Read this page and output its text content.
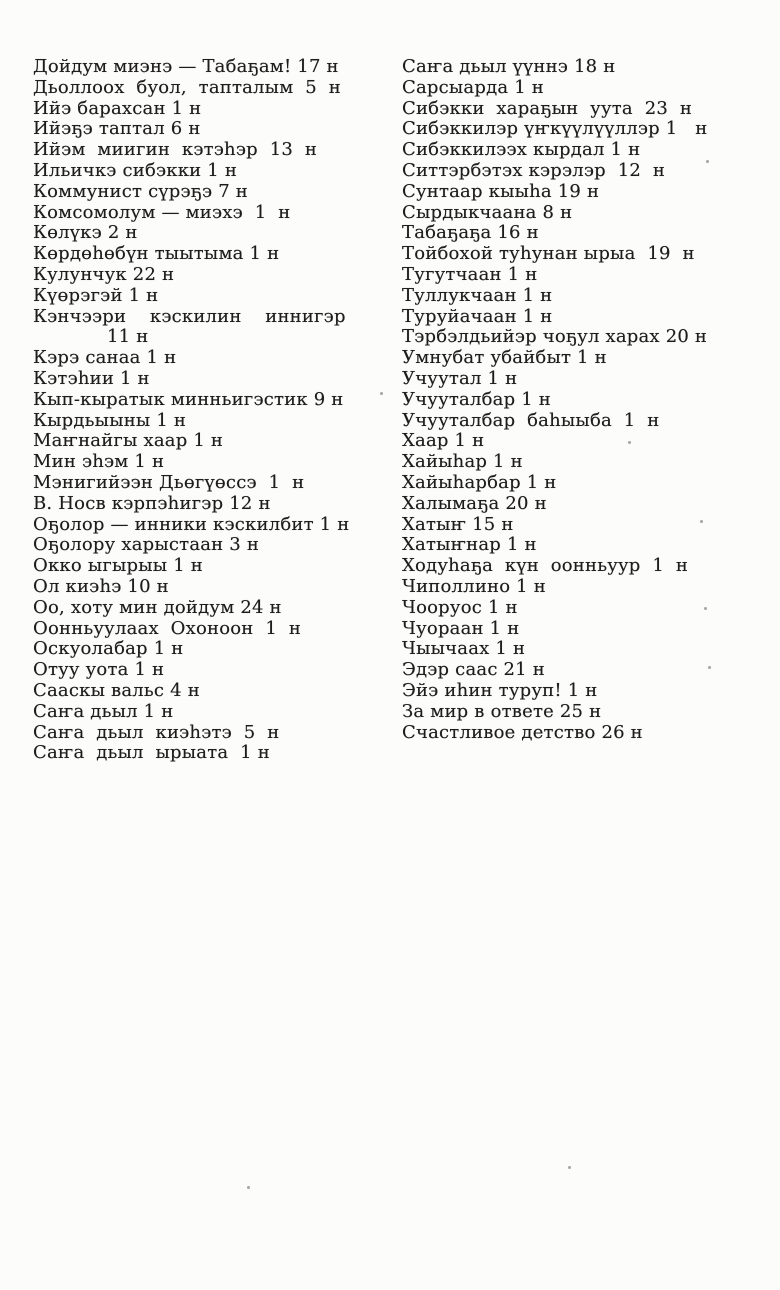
Дойдум миэнэ — Табаҕам! 17 н
Дьоллоох  буол,  тапталым  5  н
Ийэ барахсан 1 н
Ийэҕэ таптал 6 н
Ийэм  миигин  кэтэһэр  13  н
Ильичкэ сибэкки 1 н
Коммунист сүрэҕэ 7 н
Комсомолум — миэхэ  1  н
Көлүкэ 2 н
Көрдөһөбүн тыытыма 1 н
Кулунчук 22 н
Күөрэгэй 1 н
Кэнчээри    кэскилин    иннигэр
11 н
Кэрэ санаа 1 н
Кэтэһии 1 н
Кып-кыратык минньигэстик 9 н
Кырдьыыны 1 н
Маҥнайгы хаар 1 н
Мин эһэм 1 н
Мэнигийээн Дьөгүөссэ  1  н
В. Носв кэрпэһигэр 12 н
Оҕолор — инники кэскилбит 1 н
Оҕолору харыстаан 3 н
Окко ыгырыы 1 н
Ол киэһэ 10 н
Оо, хоту мин дойдум 24 н
Оонньуулаах  Охоноон  1  н
Оскуолабар 1 н
Отуу уота 1 н
Сааскы вальс 4 н
Саҥа дьыл 1 н
Саҥа  дьыл  киэһэтэ  5  н
Саҥа  дьыл  ырыата  1 н
Саҥа дьыл үүннэ 18 н
Сарсыарда 1 н
Сибэкки  хараҕын  уута  23  н
Сибэккилэр үҥкүүлүүллэр 1   н
Сибэккилээх кырдал 1 н
Ситтэрбэтэх кэрэлэр  12  н
Сунтаар кыыһа 19 н
Сырдыкчаана 8 н
Табаҕаҕа 16 н
Тойбохой туһунан ырыа  19  н
Тугутчаан 1 н
Туллукчаан 1 н
Туруйачаан 1 н
Тэрбэлдьийэр чоҕул харах 20 н
Умнубат убайбыт 1 н
Учуутал 1 н
Учууталбар 1 н
Учууталбар  баһыыба  1  н
Хаар 1 н
Хайыһар 1 н
Хайыһарбар 1 н
Халымаҕа 20 н
Хатыҥ 15 н
Хатыҥнар 1 н
Ходуһаҕа  күн  оонньуур  1  н
Чиполлино 1 н
Чооруос 1 н
Чуораан 1 н
Чыычаах 1 н
Эдэр саас 21 н
Эйэ иһин туруп! 1 н
За мир в ответе 25 н
Счастливое детство 26 н
